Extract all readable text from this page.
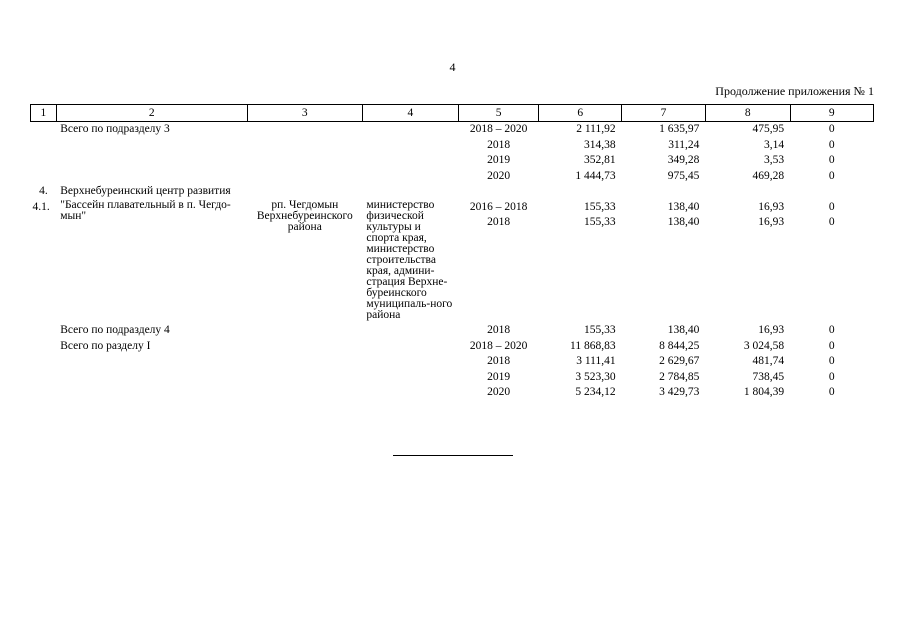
4
Продолжение приложения № 1
1	2	3	4	5	6	7	8	9
	Всего по подразделу 3			2018 – 2020	2 111,92	1 635,97	475,95	0
				2018	314,38	311,24	3,14	0
				2019	352,81	349,28	3,53	0
				2020	1 444,73	975,45	469,28	0
4.	Верхнебуреинский центр развития							
4.1.	"Бассейн плавательный в п. Чегдо-мын"	рп. Чегдомын Верхнебуреинского района	министерство физической культуры и спорта края, министерство строительства края, админи-страция Верхне-буреинского муниципаль-ного района	2016 – 2018	155,33	138,40	16,93	0
				2018	155,33	138,40	16,93	0
	Всего по подразделу 4			2018	155,33	138,40	16,93	0
	Всего по разделу I			2018 – 2020	11 868,83	8 844,25	3 024,58	0
				2018	3 111,41	2 629,67	481,74	0
				2019	3 523,30	2 784,85	738,45	0
				2020	5 234,12	3 429,73	1 804,39	0
